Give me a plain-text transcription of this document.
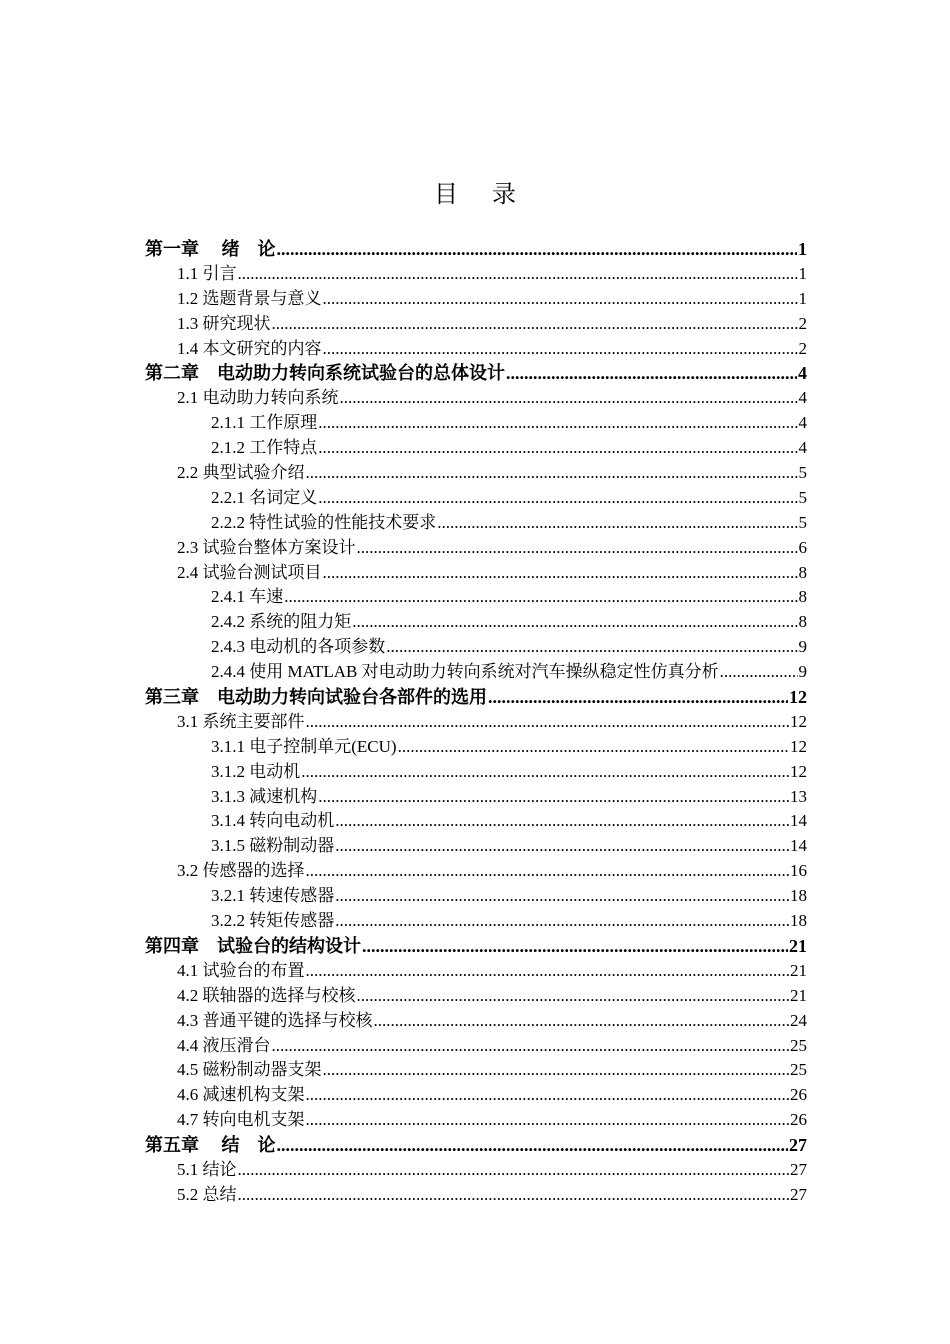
目 录
第一章　 绪　论 .....	1
1.1 引言 .....	1
1.2 选题背景与意义 .....	1
1.3 研究现状 .....	2
1.4 本文研究的内容 .....	2
第二章　电动助力转向系统试验台的总体设计 .....	4
2.1 电动助力转向系统 .....	4
2.1.1 工作原理 .....	4
2.1.2 工作特点 .....	4
2.2 典型试验介绍 .....	5
2.2.1 名词定义 .....	5
2.2.2 特性试验的性能技术要求 .....	5
2.3 试验台整体方案设计 .....	6
2.4 试验台测试项目 .....	8
2.4.1 车速 .....	8
2.4.2 系统的阻力矩 .....	8
2.4.3 电动机的各项参数 .....	9
2.4.4 使用 MATLAB 对电动助力转向系统对汽车操纵稳定性仿真分析 .....	9
第三章　电动助力转向试验台各部件的选用 .....	12
3.1 系统主要部件 .....	12
3.1.1 电子控制单元(ECU) .....	12
3.1.2 电动机 .....	12
3.1.3 减速机构 .....	13
3.1.4 转向电动机 .....	14
3.1.5 磁粉制动器 .....	14
3.2 传感器的选择 .....	16
3.2.1 转速传感器 .....	18
3.2.2 转矩传感器 .....	18
第四章　试验台的结构设计 .....	21
4.1 试验台的布置 .....	21
4.2 联轴器的选择与校核 .....	21
4.3 普通平键的选择与校核 .....	24
4.4 液压滑台 .....	25
4.5 磁粉制动器支架 .....	25
4.6 减速机构支架 .....	26
4.7 转向电机支架 .....	26
第五章　 结　论 .....	27
5.1 结论 .....	27
5.2 总结 .....	27
